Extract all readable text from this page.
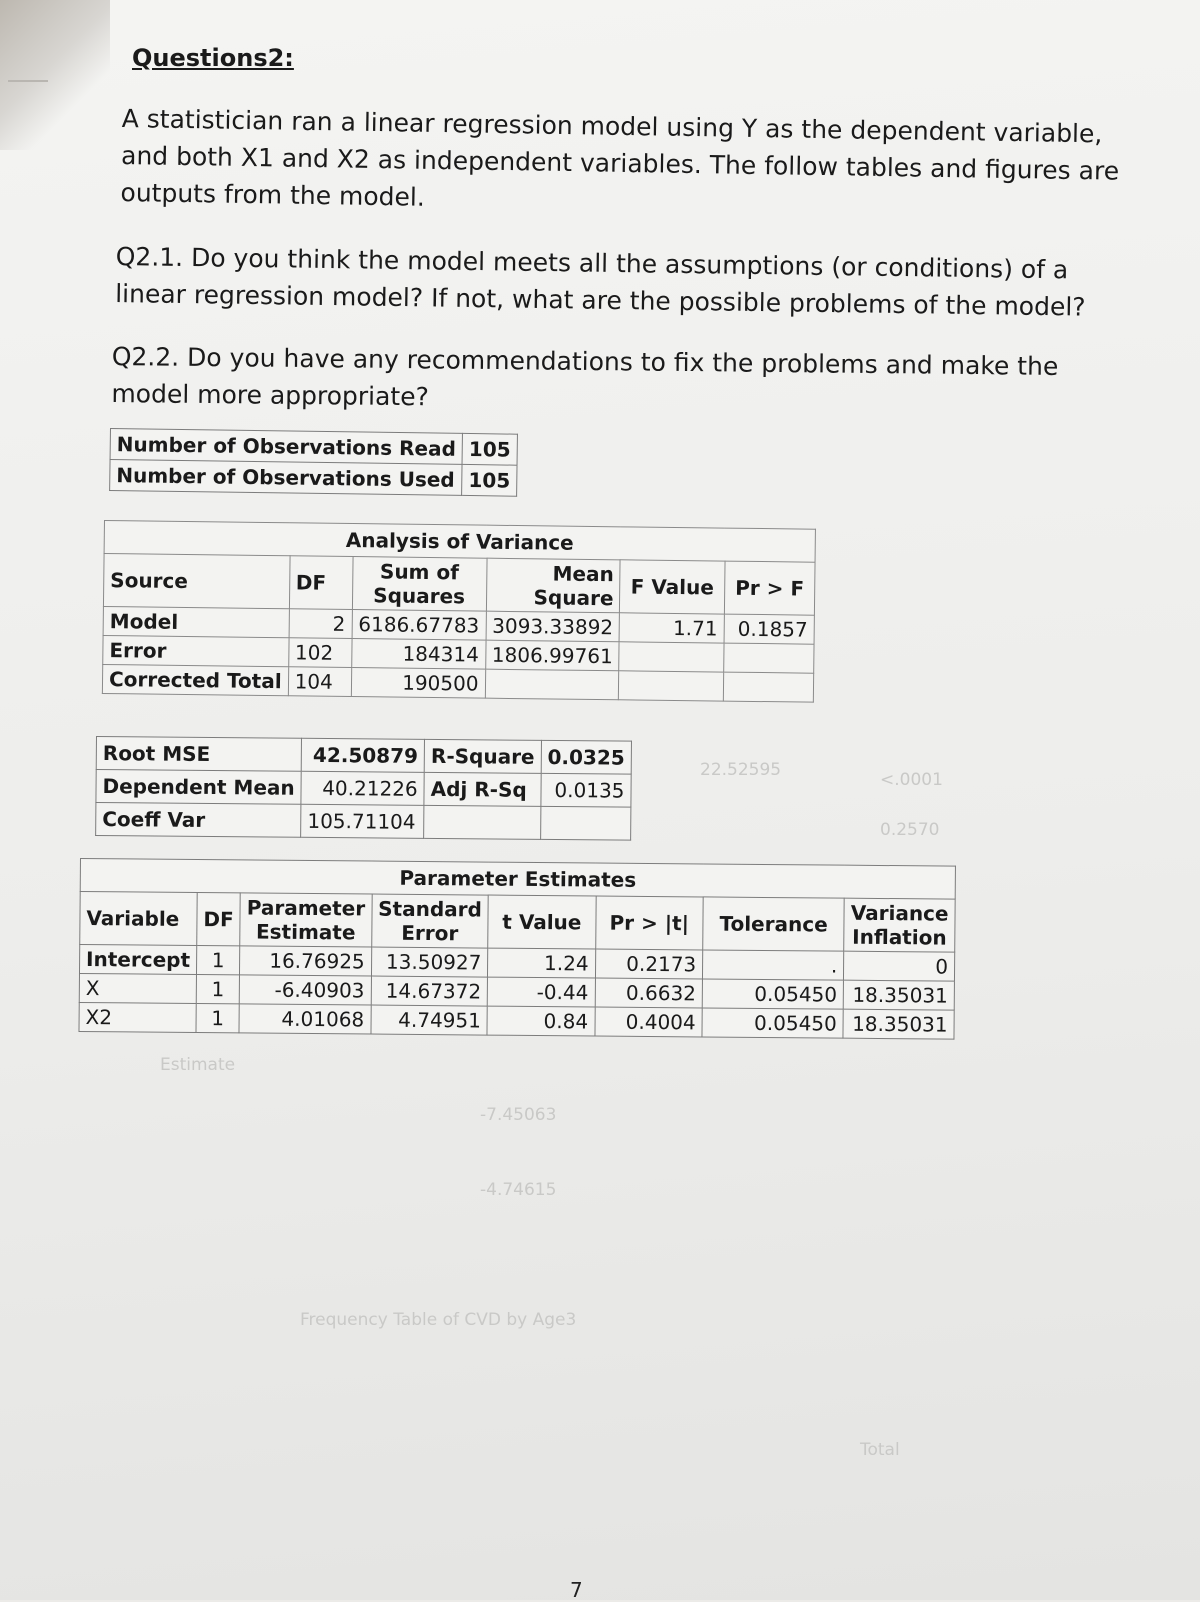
22.52595	<.0001
0.2570
Estimate
-7.45063
-4.74615
Frequency Table of CVD by Age3
Total
Questions2:

A statistician ran a linear regression model using Y as the dependent variable, and both X1 and X2 as independent variables. The follow tables and figures are outputs from the model.

Q2.1. Do you think the model meets all the assumptions (or conditions) of a linear regression model? If not, what are the possible problems of the model?

Q2.2. Do you have any recommendations to fix the problems and make the model more appropriate?

Number of Observations Read	105
Number of Observations Used	105
Analysis of Variance					
Source	DF	Sum of Squares	Mean Square	F Value	Pr > F
Model	2	6186.67783	3093.33892	1.71	0.1857
Error	102	184314	1806.99761		
Corrected Total	104	190500			
Root MSE	42.50879	R-Square	0.0325
Dependent Mean	40.21226	Adj R-Sq	0.0135
Coeff Var	105.71104		
Parameter Estimates							
Variable	DF	Parameter Estimate	Standard Error	t Value	Pr > |t|	Tolerance	Variance Inflation
Intercept	1	16.76925	13.50927	1.24	0.2173	.	0
X	1	-6.40903	14.67372	-0.44	0.6632	0.05450	18.35031
X2	1	4.01068	4.74951	0.84	0.4004	0.05450	18.35031
7
